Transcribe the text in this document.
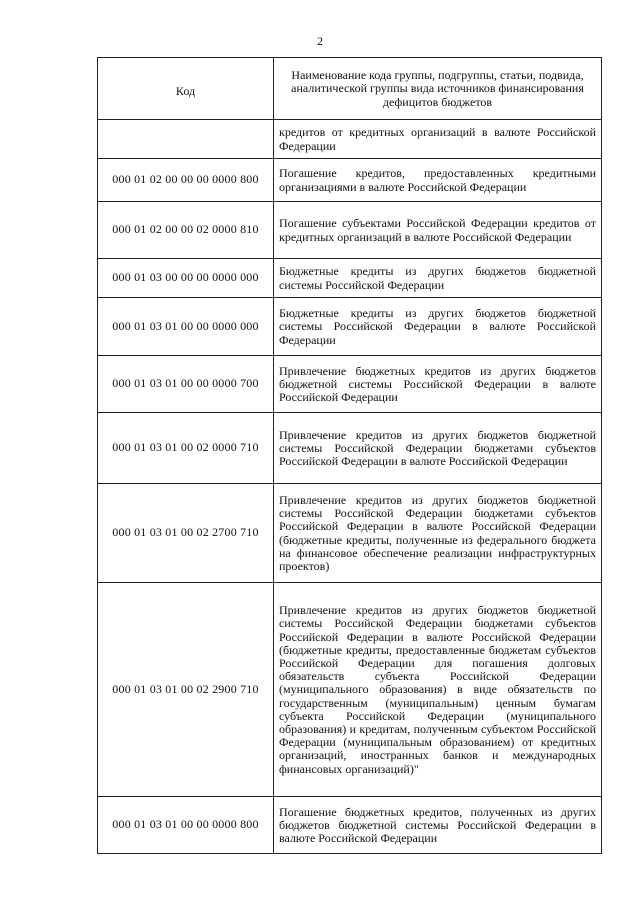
2
Код	Наименование кода группы, подгруппы, статьи, подвида, аналитической группы вида источников финансирования дефицитов бюджетов
	кредитов от кредитных организаций в валюте Российской Федерации
000 01 02 00 00 00 0000 800	Погашение кредитов, предоставленных кредитными организациями в валюте Российской Федерации
000 01 02 00 00 02 0000 810	Погашение субъектами Российской Федерации кредитов от кредитных организаций в валюте Российской Федерации
000 01 03 00 00 00 0000 000	Бюджетные кредиты из других бюджетов бюджетной системы Российской Федерации
000 01 03 01 00 00 0000 000	Бюджетные кредиты из других бюджетов бюджетной системы Российской Федерации в валюте Российской Федерации
000 01 03 01 00 00 0000 700	Привлечение бюджетных кредитов из других бюджетов бюджетной системы Российской Федерации в валюте Российской Федерации
000 01 03 01 00 02 0000 710	Привлечение кредитов из других бюджетов бюджетной системы Российской Федерации бюджетами субъектов Российской Федерации в валюте Российской Федерации
000 01 03 01 00 02 2700 710	Привлечение кредитов из других бюджетов бюджетной системы Российской Федерации бюджетами субъектов Российской Федерации в валюте Российской Федерации (бюджетные кредиты, полученные из федерального бюджета на финансовое обеспечение реализации инфраструктурных проектов)
000 01 03 01 00 02 2900 710	Привлечение кредитов из других бюджетов бюджетной системы Российской Федерации бюджетами субъектов Российской Федерации в валюте Российской Федерации (бюджетные кредиты, предоставленные бюджетам субъектов Российской Федерации для погашения долговых обязательств субъекта Российской Федерации (муниципального образования) в виде обязательств по государственным (муниципальным) ценным бумагам субъекта Российской Федерации (муниципального образования) и кредитам, полученным субъектом Российской Федерации (муниципальным образованием) от кредитных организаций, иностранных банков и международных финансовых организаций)"
000 01 03 01 00 00 0000 800	Погашение бюджетных кредитов, полученных из других бюджетов бюджетной системы Российской Федерации в валюте Российской Федерации
